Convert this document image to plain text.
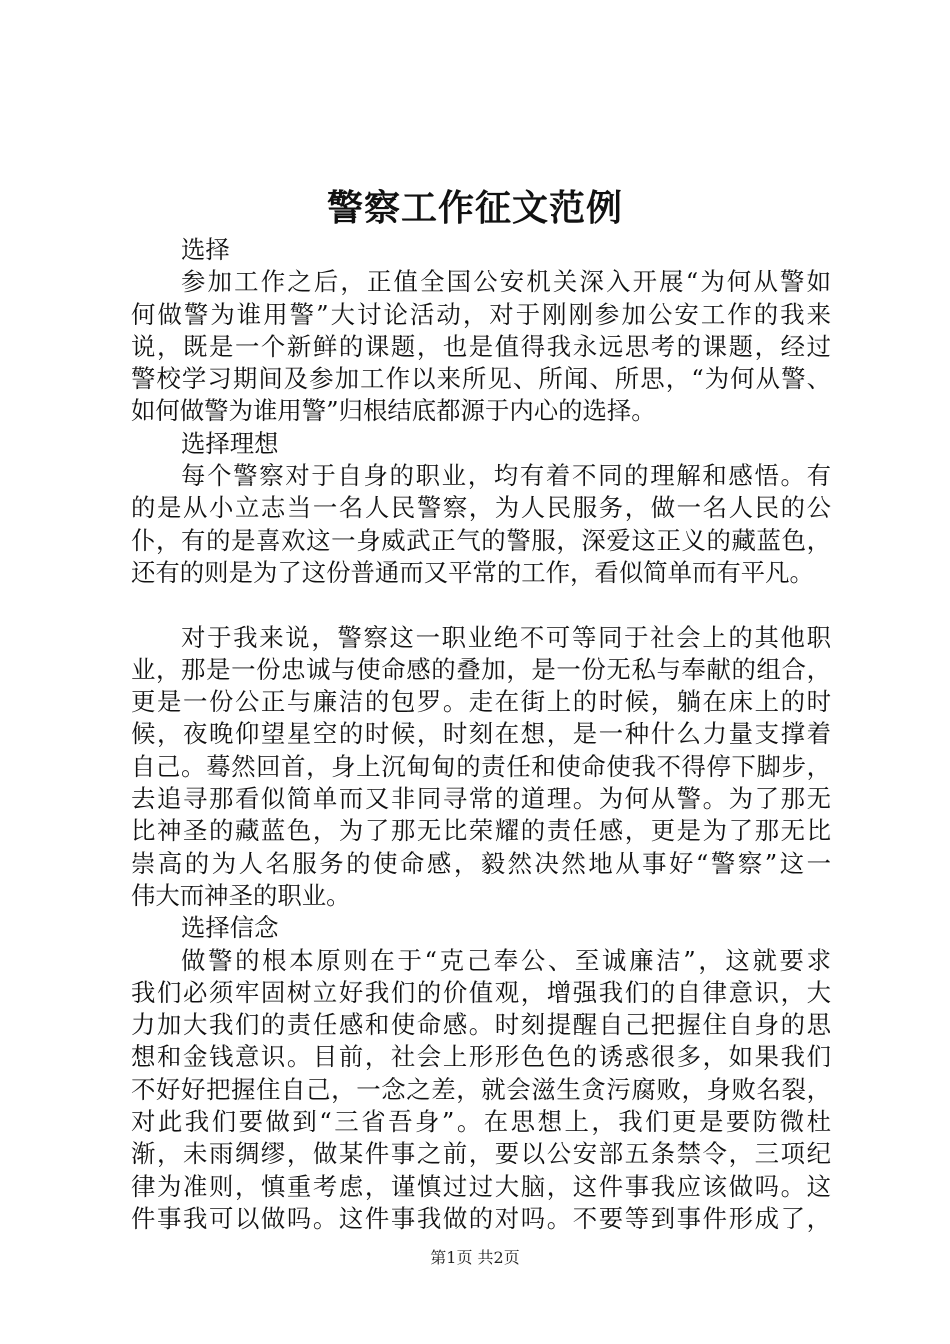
警察工作征文范例
选择
参加工作之后，正值全国公安机关深入开展“为何从警如
何做警为谁用警”大讨论活动，对于刚刚参加公安工作的我来
说，既是一个新鲜的课题，也是值得我永远思考的课题，经过
警校学习期间及参加工作以来所见、所闻、所思，“为何从警、
如何做警为谁用警”归根结底都源于内心的选择。
选择理想
每个警察对于自身的职业，均有着不同的理解和感悟。有
的是从小立志当一名人民警察，为人民服务，做一名人民的公
仆，有的是喜欢这一身威武正气的警服，深爱这正义的藏蓝色，
还有的则是为了这份普通而又平常的工作，看似简单而有平凡。
对于我来说，警察这一职业绝不可等同于社会上的其他职
业，那是一份忠诚与使命感的叠加，是一份无私与奉献的组合，
更是一份公正与廉洁的包罗。走在街上的时候，躺在床上的时
候，夜晚仰望星空的时候，时刻在想，是一种什么力量支撑着
自己。蓦然回首，身上沉甸甸的责任和使命使我不得停下脚步，
去追寻那看似简单而又非同寻常的道理。为何从警。为了那无
比神圣的藏蓝色，为了那无比荣耀的责任感，更是为了那无比
崇高的为人名服务的使命感，毅然决然地从事好“警察”这一
伟大而神圣的职业。
选择信念
做警的根本原则在于“克己奉公、至诚廉洁”，这就要求
我们必须牢固树立好我们的价值观，增强我们的自律意识，大
力加大我们的责任感和使命感。时刻提醒自己把握住自身的思
想和金钱意识。目前，社会上形形色色的诱惑很多，如果我们
不好好把握住自己，一念之差，就会滋生贪污腐败，身败名裂，
对此我们要做到“三省吾身”。在思想上，我们更是要防微杜
渐，未雨绸缪，做某件事之前，要以公安部五条禁令，三项纪
律为准则，慎重考虑，谨慎过过大脑，这件事我应该做吗。这
件事我可以做吗。这件事我做的对吗。不要等到事件形成了，
第1页 共2页
